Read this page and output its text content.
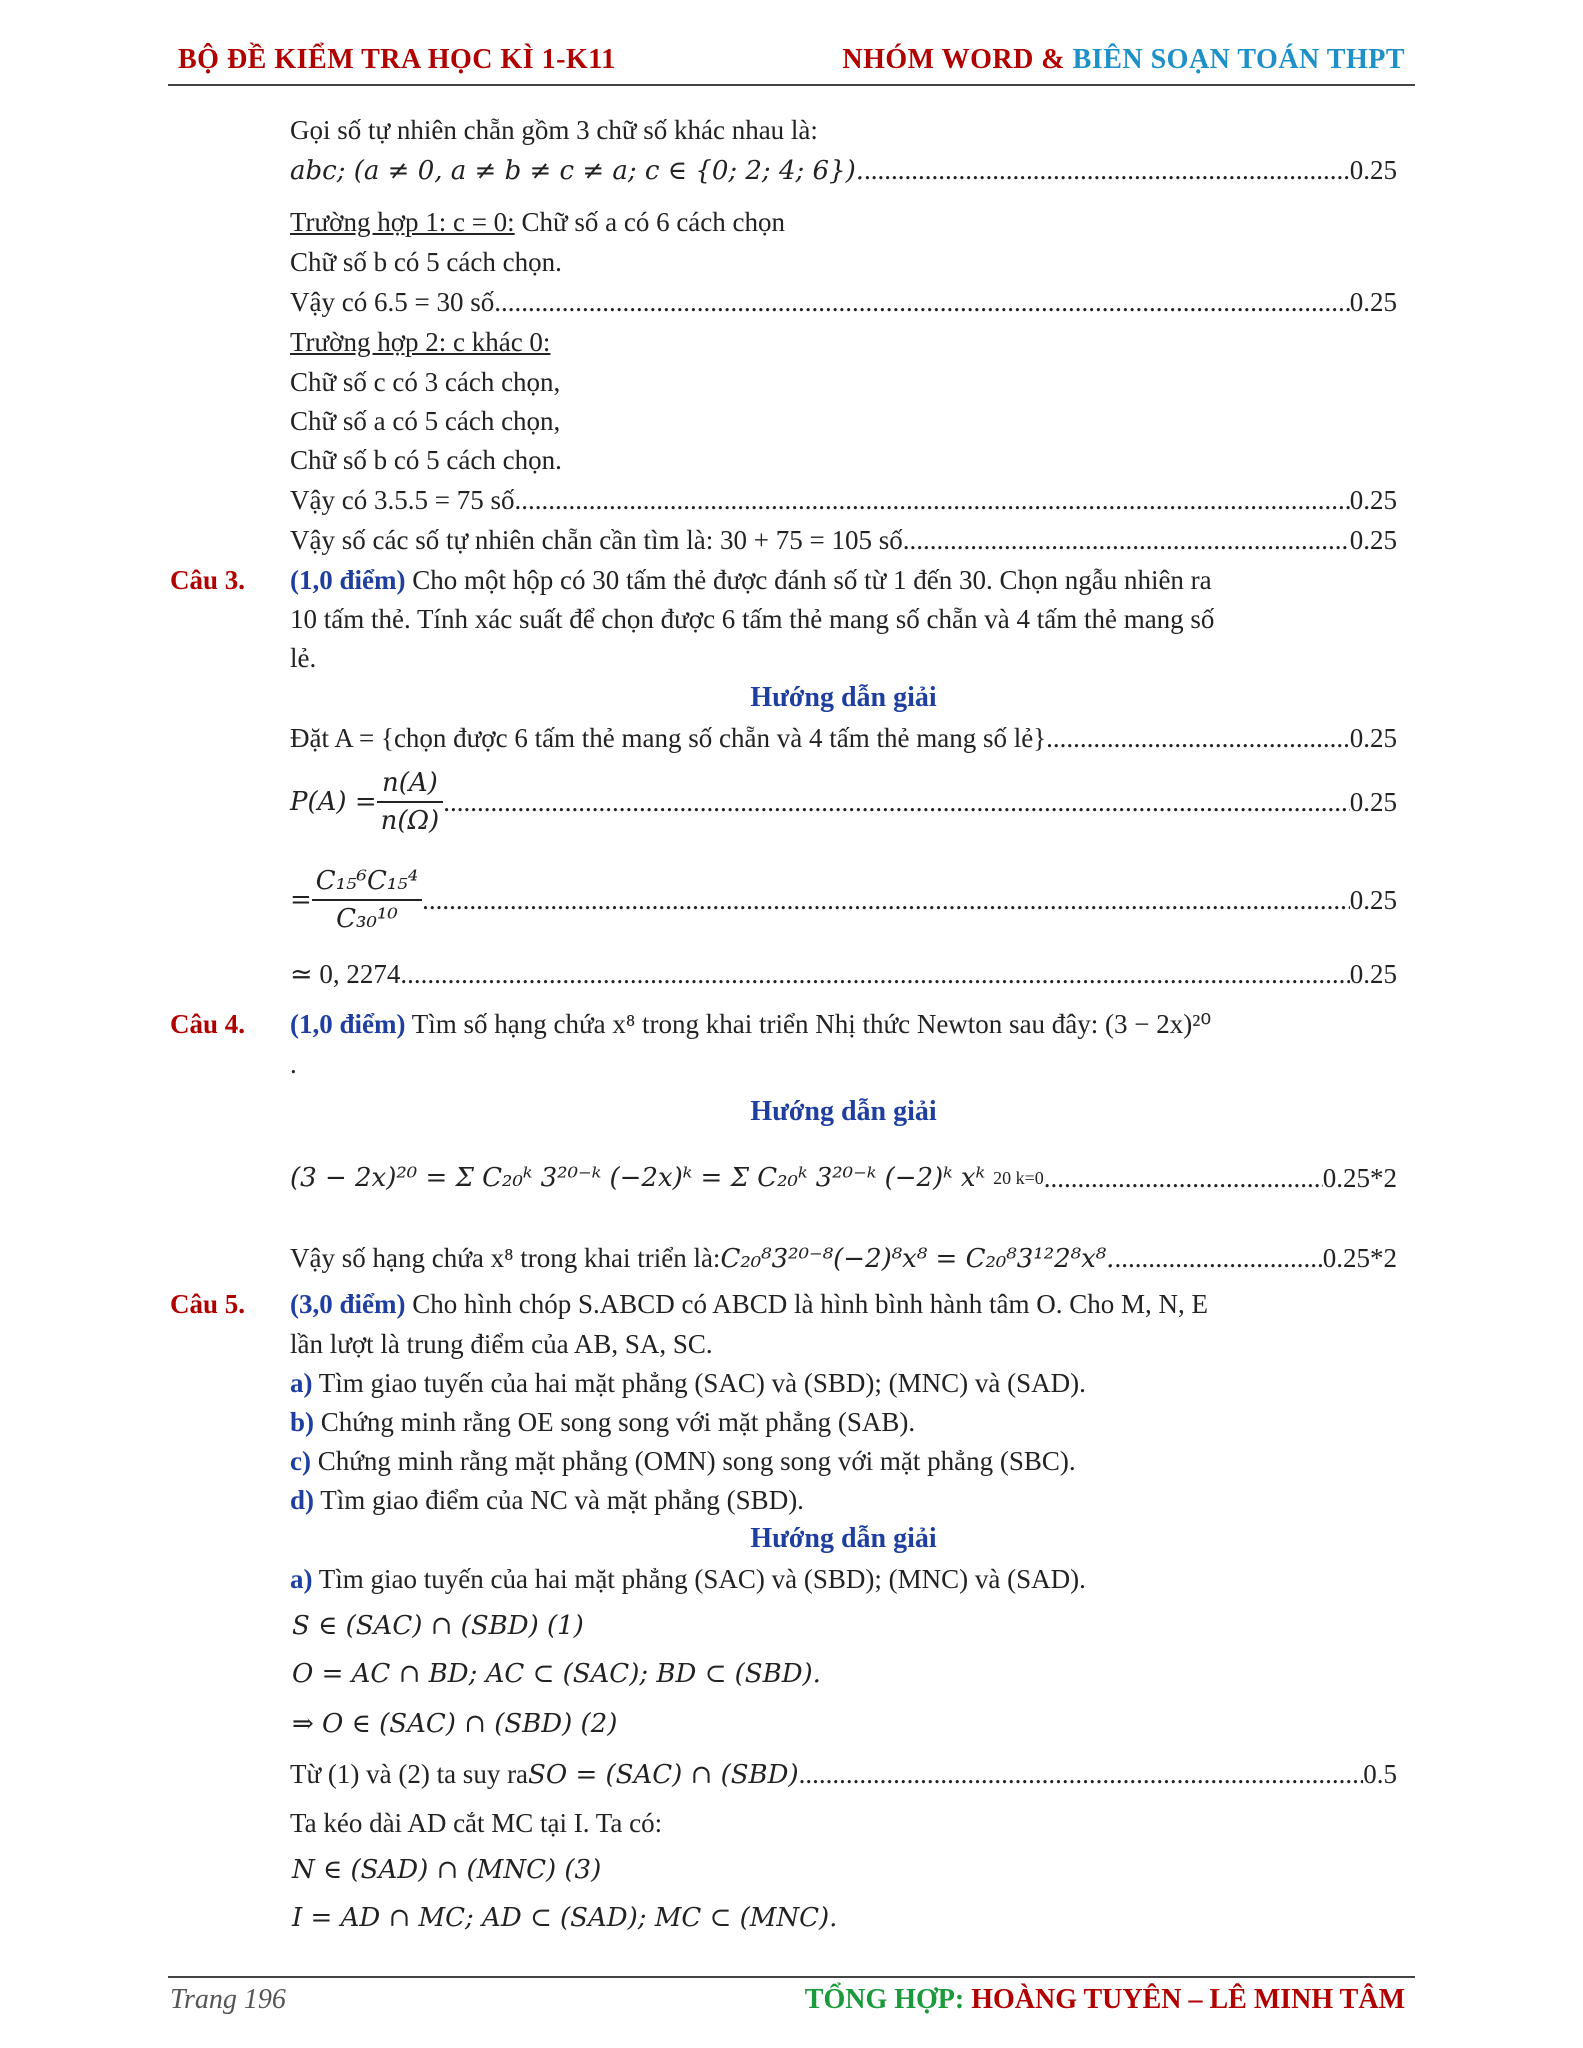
BỘ ĐỀ KIỂM TRA HỌC KÌ 1-K11	NHÓM WORD & BIÊN SOẠN TOÁN THPT
Gọi số tự nhiên chẵn gồm 3 chữ số khác nhau là:
abc; (a ≠ 0, a ≠ b ≠ c ≠ a; c ∈ {0; 2; 4; 6}). .....	0.25
Trường hợp 1: c = 0: Chữ số a có 6 cách chọn
Chữ số b có 5 cách chọn.
Vậy có 6.5 = 30 số. .....	0.25
Trường hợp 2: c khác 0:
Chữ số c có 3 cách chọn,
Chữ số a có 5 cách chọn,
Chữ số b có 5 cách chọn.
Vậy có 3.5.5 = 75 số. .....	0.25
Vậy số các số tự nhiên chẵn cần tìm là: 30 + 75 = 105 số. .....	0.25
Câu 3. (1,0 điểm) Cho một hộp có 30 tấm thẻ được đánh số từ 1 đến 30. Chọn ngẫu nhiên ra
10 tấm thẻ. Tính xác suất để chọn được 6 tấm thẻ mang số chẵn và 4 tấm thẻ mang số
lẻ.
Hướng dẫn giải
Đặt A = {chọn được 6 tấm thẻ mang số chẵn và 4 tấm thẻ mang số lẻ} .....	0.25
$P(A) = \frac{n(A)}{n(\Omega)}$ .....	0.25
= $\frac{\text{C₁₅⁶C₁₅⁴}}{\text{C₃₀¹⁰}}$ .....	0.25
≃ 0, 2274 .....	0.25
Câu 4. (1,0 điểm) Tìm số hạng chứa x⁸ trong khai triển Nhị thức Newton sau đây: (3 − 2x)²⁰
.
Hướng dẫn giải
(3 − 2x)²⁰ = Σ C₂₀ᵏ 3²⁰⁻ᵏ (−2x)ᵏ = Σ C₂₀ᵏ 3²⁰⁻ᵏ (−2)ᵏ xᵏ 20 k=0 .....	0.25*2
Vậy số hạng chứa x⁸ trong khai triển là: C₂₀⁸3²⁰⁻⁸(−2)⁸x⁸ = C₂₀⁸3¹²2⁸x⁸. .....	0.25*2
Câu 5. (3,0 điểm) Cho hình chóp S.ABCD có ABCD là hình bình hành tâm O. Cho M, N, E
lần lượt là trung điểm của AB, SA, SC.
a) Tìm giao tuyến của hai mặt phẳng (SAC) và (SBD); (MNC) và (SAD).
b) Chứng minh rằng OE song song với mặt phẳng (SAB).
c) Chứng minh rằng mặt phẳng (OMN) song song với mặt phẳng (SBC).
d) Tìm giao điểm của NC và mặt phẳng (SBD).
Hướng dẫn giải
a) Tìm giao tuyến của hai mặt phẳng (SAC) và (SBD); (MNC) và (SAD).
S ∈ (SAC) ∩ (SBD) (1)
O = AC ∩ BD; AC ⊂ (SAC); BD ⊂ (SBD).
⇒ O ∈ (SAC) ∩ (SBD) (2)
Từ (1) và (2) ta suy ra SO = (SAC) ∩ (SBD) .....	0.5
Ta kéo dài AD cắt MC tại I. Ta có:
N ∈ (SAD) ∩ (MNC) (3)
I = AD ∩ MC; AD ⊂ (SAD); MC ⊂ (MNC).
Trang 196	TỔNG HỢP: HOÀNG TUYÊN – LÊ MINH TÂM
